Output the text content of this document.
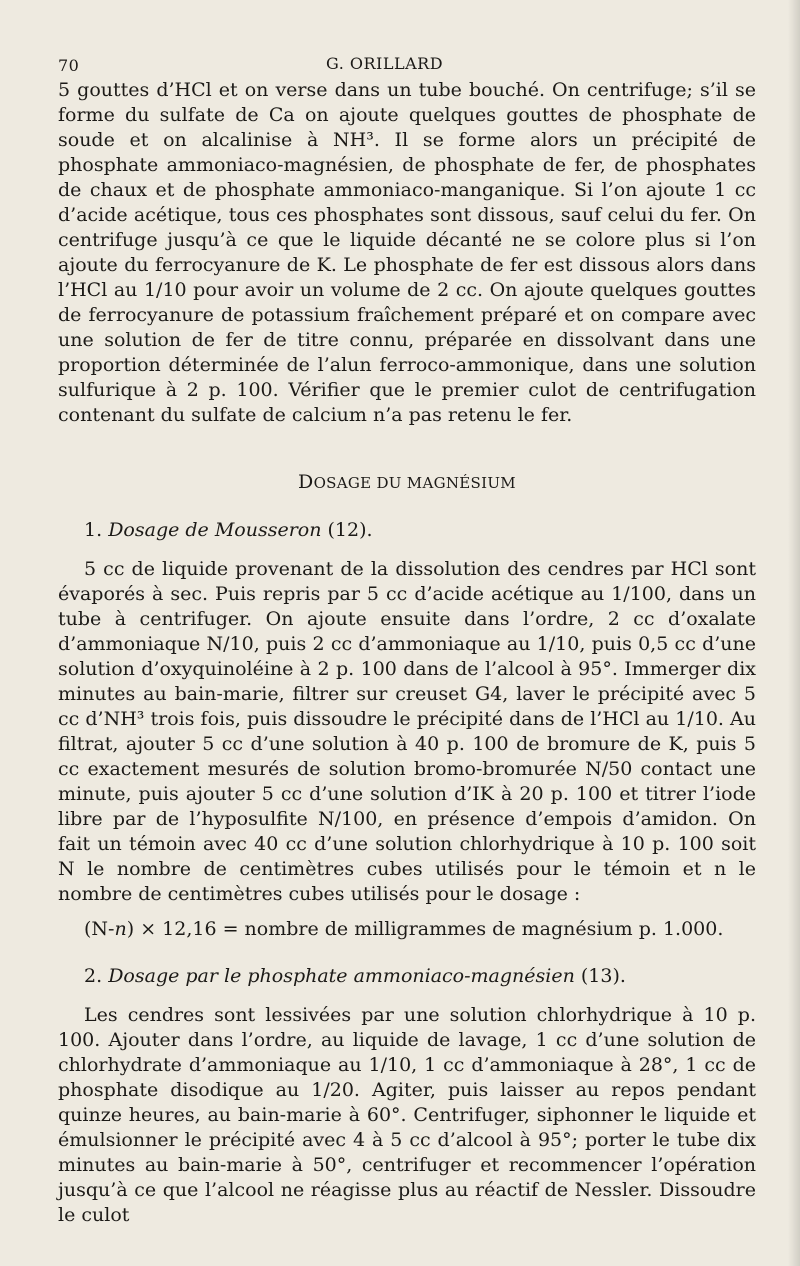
70	G. ORILLARD

5 gouttes d’HCl et on verse dans un tube bouché. On centrifuge; s’il se forme du sulfate de Ca on ajoute quelques gouttes de phosphate de soude et on alcalinise à NH³. Il se forme alors un précipité de phosphate ammoniaco-magnésien, de phosphate de fer, de phosphates de chaux et de phosphate ammoniaco-manganique. Si l’on ajoute 1 cc d’acide acétique, tous ces phosphates sont dissous, sauf celui du fer. On centrifuge jusqu’à ce que le liquide décanté ne se colore plus si l’on ajoute du ferrocyanure de K. Le phosphate de fer est dissous alors dans l’HCl au 1/10 pour avoir un volume de 2 cc. On ajoute quelques gouttes de ferrocyanure de potassium fraîchement préparé et on compare avec une solution de fer de titre connu, préparée en dissolvant dans une proportion déterminée de l’alun ferroco-ammonique, dans une solution sulfurique à 2 p. 100. Vérifier que le premier culot de centrifugation contenant du sulfate de calcium n’a pas retenu le fer.

DOSAGE DU MAGNÉSIUM
1. Dosage de Mousseron (12).

5 cc de liquide provenant de la dissolution des cendres par HCl sont évaporés à sec. Puis repris par 5 cc d’acide acétique au 1/100, dans un tube à centrifuger. On ajoute ensuite dans l’ordre, 2 cc d’oxalate d’ammoniaque N/10, puis 2 cc d’ammoniaque au 1/10, puis 0,5 cc d’une solution d’oxyquinoléine à 2 p. 100 dans de l’alcool à 95°. Immerger dix minutes au bain-marie, filtrer sur creuset G4, laver le précipité avec 5 cc d’NH³ trois fois, puis dissoudre le précipité dans de l’HCl au 1/10. Au filtrat, ajouter 5 cc d’une solution à 40 p. 100 de bromure de K, puis 5 cc exactement mesurés de solution bromo-bromurée N/50 contact une minute, puis ajouter 5 cc d’une solution d’IK à 20 p. 100 et titrer l’iode libre par de l’hyposulfite N/100, en présence d’empois d’amidon. On fait un témoin avec 40 cc d’une solution chlorhydrique à 10 p. 100 soit N le nombre de centimètres cubes utilisés pour le témoin et n le nombre de centimètres cubes utilisés pour le dosage :

(N-n) × 12,16 = nombre de milligrammes de magnésium p. 1.000.
2. Dosage par le phosphate ammoniaco-magnésien (13).

Les cendres sont lessivées par une solution chlorhydrique à 10 p. 100. Ajouter dans l’ordre, au liquide de lavage, 1 cc d’une solution de chlorhydrate d’ammoniaque au 1/10, 1 cc d’ammoniaque à 28°, 1 cc de phosphate disodique au 1/20. Agiter, puis laisser au repos pendant quinze heures, au bain-marie à 60°. Centrifuger, siphonner le liquide et émulsionner le précipité avec 4 à 5 cc d’alcool à 95°; porter le tube dix minutes au bain-marie à 50°, centrifuger et recommencer l’opération jusqu’à ce que l’alcool ne réagisse plus au réactif de Nessler. Dissoudre le culot
